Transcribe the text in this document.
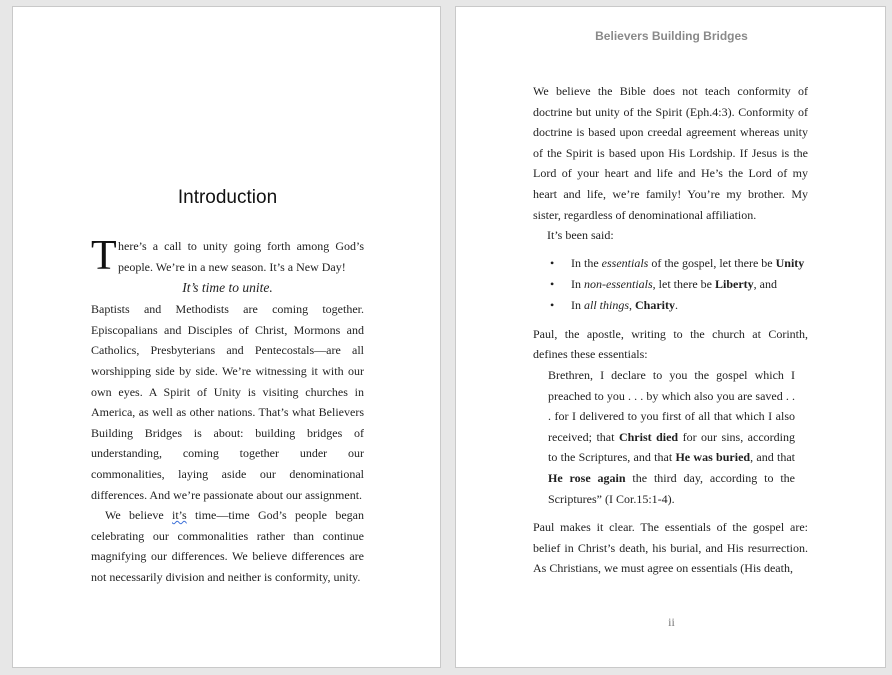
Introduction

T here’s a call to unity going forth among God’s people. We’re in a new season. It’s a New Day!

It’s time to unite.

Baptists and Methodists are coming together. Episcopalians and Disciples of Christ, Mormons and Catholics, Presbyterians and Pentecostals—are all worshipping side by side. We’re witnessing it with our own eyes. A Spirit of Unity is visiting churches in America, as well as other nations. That’s what Believers Building Bridges is about: building bridges of understanding, coming together under our commonalities, laying aside our denominational differences. And we’re passionate about our assignment.

We believe it’s time—time God’s people began celebrating our commonalities rather than continue magnifying our differences. We believe differences are not necessarily division and neither is conformity, unity.

Believers Building Bridges

We believe the Bible does not teach conformity of doctrine but unity of the Spirit (Eph.4:3). Conformity of doctrine is based upon creedal agreement whereas unity of the Spirit is based upon His Lordship. If Jesus is the Lord of your heart and life and He’s the Lord of my heart and life, we’re family! You’re my brother. My sister, regardless of denominational affiliation.

It’s been said:

• In the essentials of the gospel, let there be Unity
• In non-essentials, let there be Liberty, and
• In all things, Charity.

Paul, the apostle, writing to the church at Corinth, defines these essentials:

Brethren, I declare to you the gospel which I preached to you . . . by which also you are saved . . . for I delivered to you first of all that which I also received; that Christ died for our sins, according to the Scriptures, and that He was buried, and that He rose again the third day, according to the Scriptures” (I Cor.15:1-4).

Paul makes it clear. The essentials of the gospel are: belief in Christ’s death, his burial, and His resurrection. As Christians, we must agree on essentials (His death,

ii
